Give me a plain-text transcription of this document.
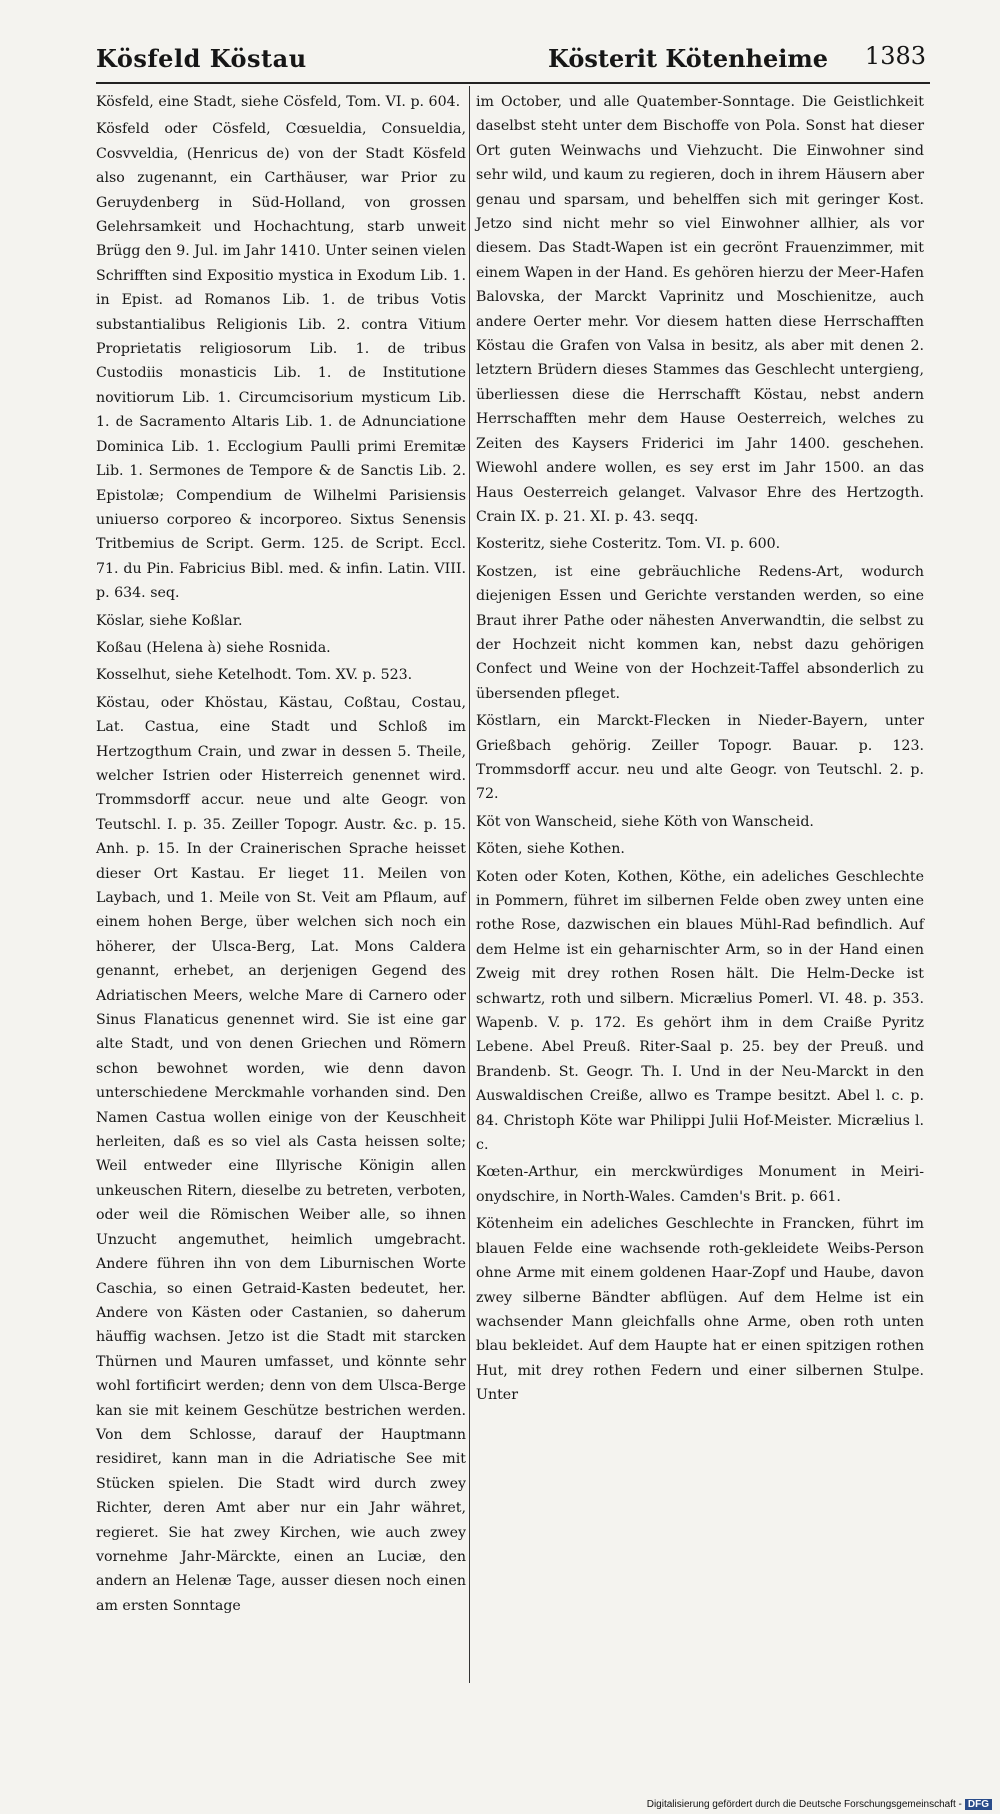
Kösfeld Köstau	Kösterit Kötenheime 1383

Kösfeld, eine Stadt, siehe Cösfeld, Tom. VI. p. 604.

Kösfeld oder Cösfeld, Cœsueldia, Consueldia, Cosvveldia, (Henricus de) von der Stadt Kösfeld also zugenannt, ein Carthäuser, war Prior zu Geruydenberg in Süd-Holland, von grossen Gelehrsamkeit und Hochachtung, starb unweit Brügg den 9. Jul. im Jahr 1410. Unter seinen vielen Schrifften sind Expositio mystica in Exodum Lib. 1. in Epist. ad Romanos Lib. 1. de tribus Votis substantialibus Religionis Lib. 2. contra Vitium Proprietatis religiosorum Lib. 1. de tribus Custodiis monasticis Lib. 1. de Institutione novitiorum Lib. 1. Circumcisorium mysticum Lib. 1. de Sacramento Altaris Lib. 1. de Adnunciatione Dominica Lib. 1. Ecclogium Paulli primi Eremitæ Lib. 1. Sermones de Tempore & de Sanctis Lib. 2. Epistolæ; Compendium de Wilhelmi Parisiensis uniuerso corporeo & incorporeo. Sixtus Senensis Tritbemius de Script. Germ. 125. de Script. Eccl. 71. du Pin. Fabricius Bibl. med. & infin. Latin. VIII. p. 634. seq.

Köslar, siehe Koßlar.

Koßau (Helena à) siehe Rosnida.

Kosselhut, siehe Ketelhodt. Tom. XV. p. 523.

Köstau, oder Khöstau, Kästau, Coßtau, Costau, Lat. Castua, eine Stadt und Schloß im Hertzogthum Crain, und zwar in dessen 5. Theile, welcher Istrien oder Histerreich genennet wird. Trommsdorff accur. neue und alte Geogr. von Teutschl. I. p. 35. Zeiller Topogr. Austr. &c. p. 15. Anh. p. 15. In der Crainerischen Sprache heisset dieser Ort Kastau. Er lieget 11. Meilen von Laybach, und 1. Meile von St. Veit am Pflaum, auf einem hohen Berge, über welchen sich noch ein höherer, der Ulsca-Berg, Lat. Mons Caldera genannt, erhebet, an derjenigen Gegend des Adriatischen Meers, welche Mare di Carnero oder Sinus Flanaticus genennet wird. Sie ist eine gar alte Stadt, und von denen Griechen und Römern schon bewohnet worden, wie denn davon unterschiedene Merckmahle vorhanden sind. Den Namen Castua wollen einige von der Keuschheit herleiten, daß es so viel als Casta heissen solte; Weil entweder eine Illyrische Königin allen unkeuschen Ritern, dieselbe zu betreten, verboten, oder weil die Römischen Weiber alle, so ihnen Unzucht angemuthet, heimlich umgebracht. Andere führen ihn von dem Liburnischen Worte Caschia, so einen Getraid-Kasten bedeutet, her. Andere von Kästen oder Castanien, so daherum häuffig wachsen. Jetzo ist die Stadt mit starcken Thürnen und Mauren umfasset, und könnte sehr wohl fortificirt werden; denn von dem Ulsca-Berge kan sie mit keinem Geschütze bestrichen werden. Von dem Schlosse, darauf der Hauptmann residiret, kann man in die Adriatische See mit Stücken spielen. Die Stadt wird durch zwey Richter, deren Amt aber nur ein Jahr währet, regieret. Sie hat zwey Kirchen, wie auch zwey vornehme Jahr-Märckte, einen an Luciæ, den andern an Helenæ Tage, ausser diesen noch einen am ersten Sonntage

im October, und alle Quatember-Sonntage. Die Geistlichkeit daselbst steht unter dem Bischoffe von Pola. Sonst hat dieser Ort guten Weinwachs und Viehzucht. Die Einwohner sind sehr wild, und kaum zu regieren, doch in ihrem Häusern aber genau und sparsam, und behelffen sich mit geringer Kost. Jetzo sind nicht mehr so viel Einwohner allhier, als vor diesem. Das Stadt-Wapen ist ein gecrönt Frauenzimmer, mit einem Wapen in der Hand. Es gehören hierzu der Meer-Hafen Balovska, der Marckt Vaprinitz und Moschienitze, auch andere Oerter mehr. Vor diesem hatten diese Herrschafften Köstau die Grafen von Valsa in besitz, als aber mit denen 2. letztern Brüdern dieses Stammes das Geschlecht untergieng, überliessen diese die Herrschafft Köstau, nebst andern Herrschafften mehr dem Hause Oesterreich, welches zu Zeiten des Kaysers Friderici im Jahr 1400. geschehen. Wiewohl andere wollen, es sey erst im Jahr 1500. an das Haus Oesterreich gelanget. Valvasor Ehre des Hertzogth. Crain IX. p. 21. XI. p. 43. seqq.

Kosteritz, siehe Costeritz. Tom. VI. p. 600.

Kostzen, ist eine gebräuchliche Redens-Art, wodurch diejenigen Essen und Gerichte verstanden werden, so eine Braut ihrer Pathe oder nähesten Anverwandtin, die selbst zu der Hochzeit nicht kommen kan, nebst dazu gehörigen Confect und Weine von der Hochzeit-Taffel absonderlich zu übersenden pfleget.

Köstlarn, ein Marckt-Flecken in Nieder-Bayern, unter Grießbach gehörig. Zeiller Topogr. Bauar. p. 123. Trommsdorff accur. neu und alte Geogr. von Teutschl. 2. p. 72.

Köt von Wanscheid, siehe Köth von Wanscheid.

Köten, siehe Kothen.

Koten oder Koten, Kothen, Köthe, ein adeliches Geschlechte in Pommern, führet im silbernen Felde oben zwey unten eine rothe Rose, dazwischen ein blaues Mühl-Rad befindlich. Auf dem Helme ist ein geharnischter Arm, so in der Hand einen Zweig mit drey rothen Rosen hält. Die Helm-Decke ist schwartz, roth und silbern. Micrælius Pomerl. VI. 48. p. 353. Wapenb. V. p. 172. Es gehört ihm in dem Craiße Pyritz Lebene. Abel Preuß. Riter-Saal p. 25. bey der Preuß. und Brandenb. St. Geogr. Th. I. Und in der Neu-Marckt in den Auswaldischen Creiße, allwo es Trampe besitzt. Abel l. c. p. 84. Christoph Köte war Philippi Julii Hof-Meister. Micrælius l. c.

Kœten-Arthur, ein merckwürdiges Monument in Meiri-onydschire, in North-Wales. Camden's Brit. p. 661.

Kötenheim ein adeliches Geschlechte in Francken, führt im blauen Felde eine wachsende roth-gekleidete Weibs-Person ohne Arme mit einem goldenen Haar-Zopf und Haube, davon zwey silberne Bändter abflügen. Auf dem Helme ist ein wachsender Mann gleichfalls ohne Arme, oben roth unten blau bekleidet. Auf dem Haupte hat er einen spitzigen rothen Hut, mit drey rothen Federn und einer silbernen Stulpe. Unter

Digitalisierung gefördert durch die Deutsche Forschungsgemeinschaft - DFG
